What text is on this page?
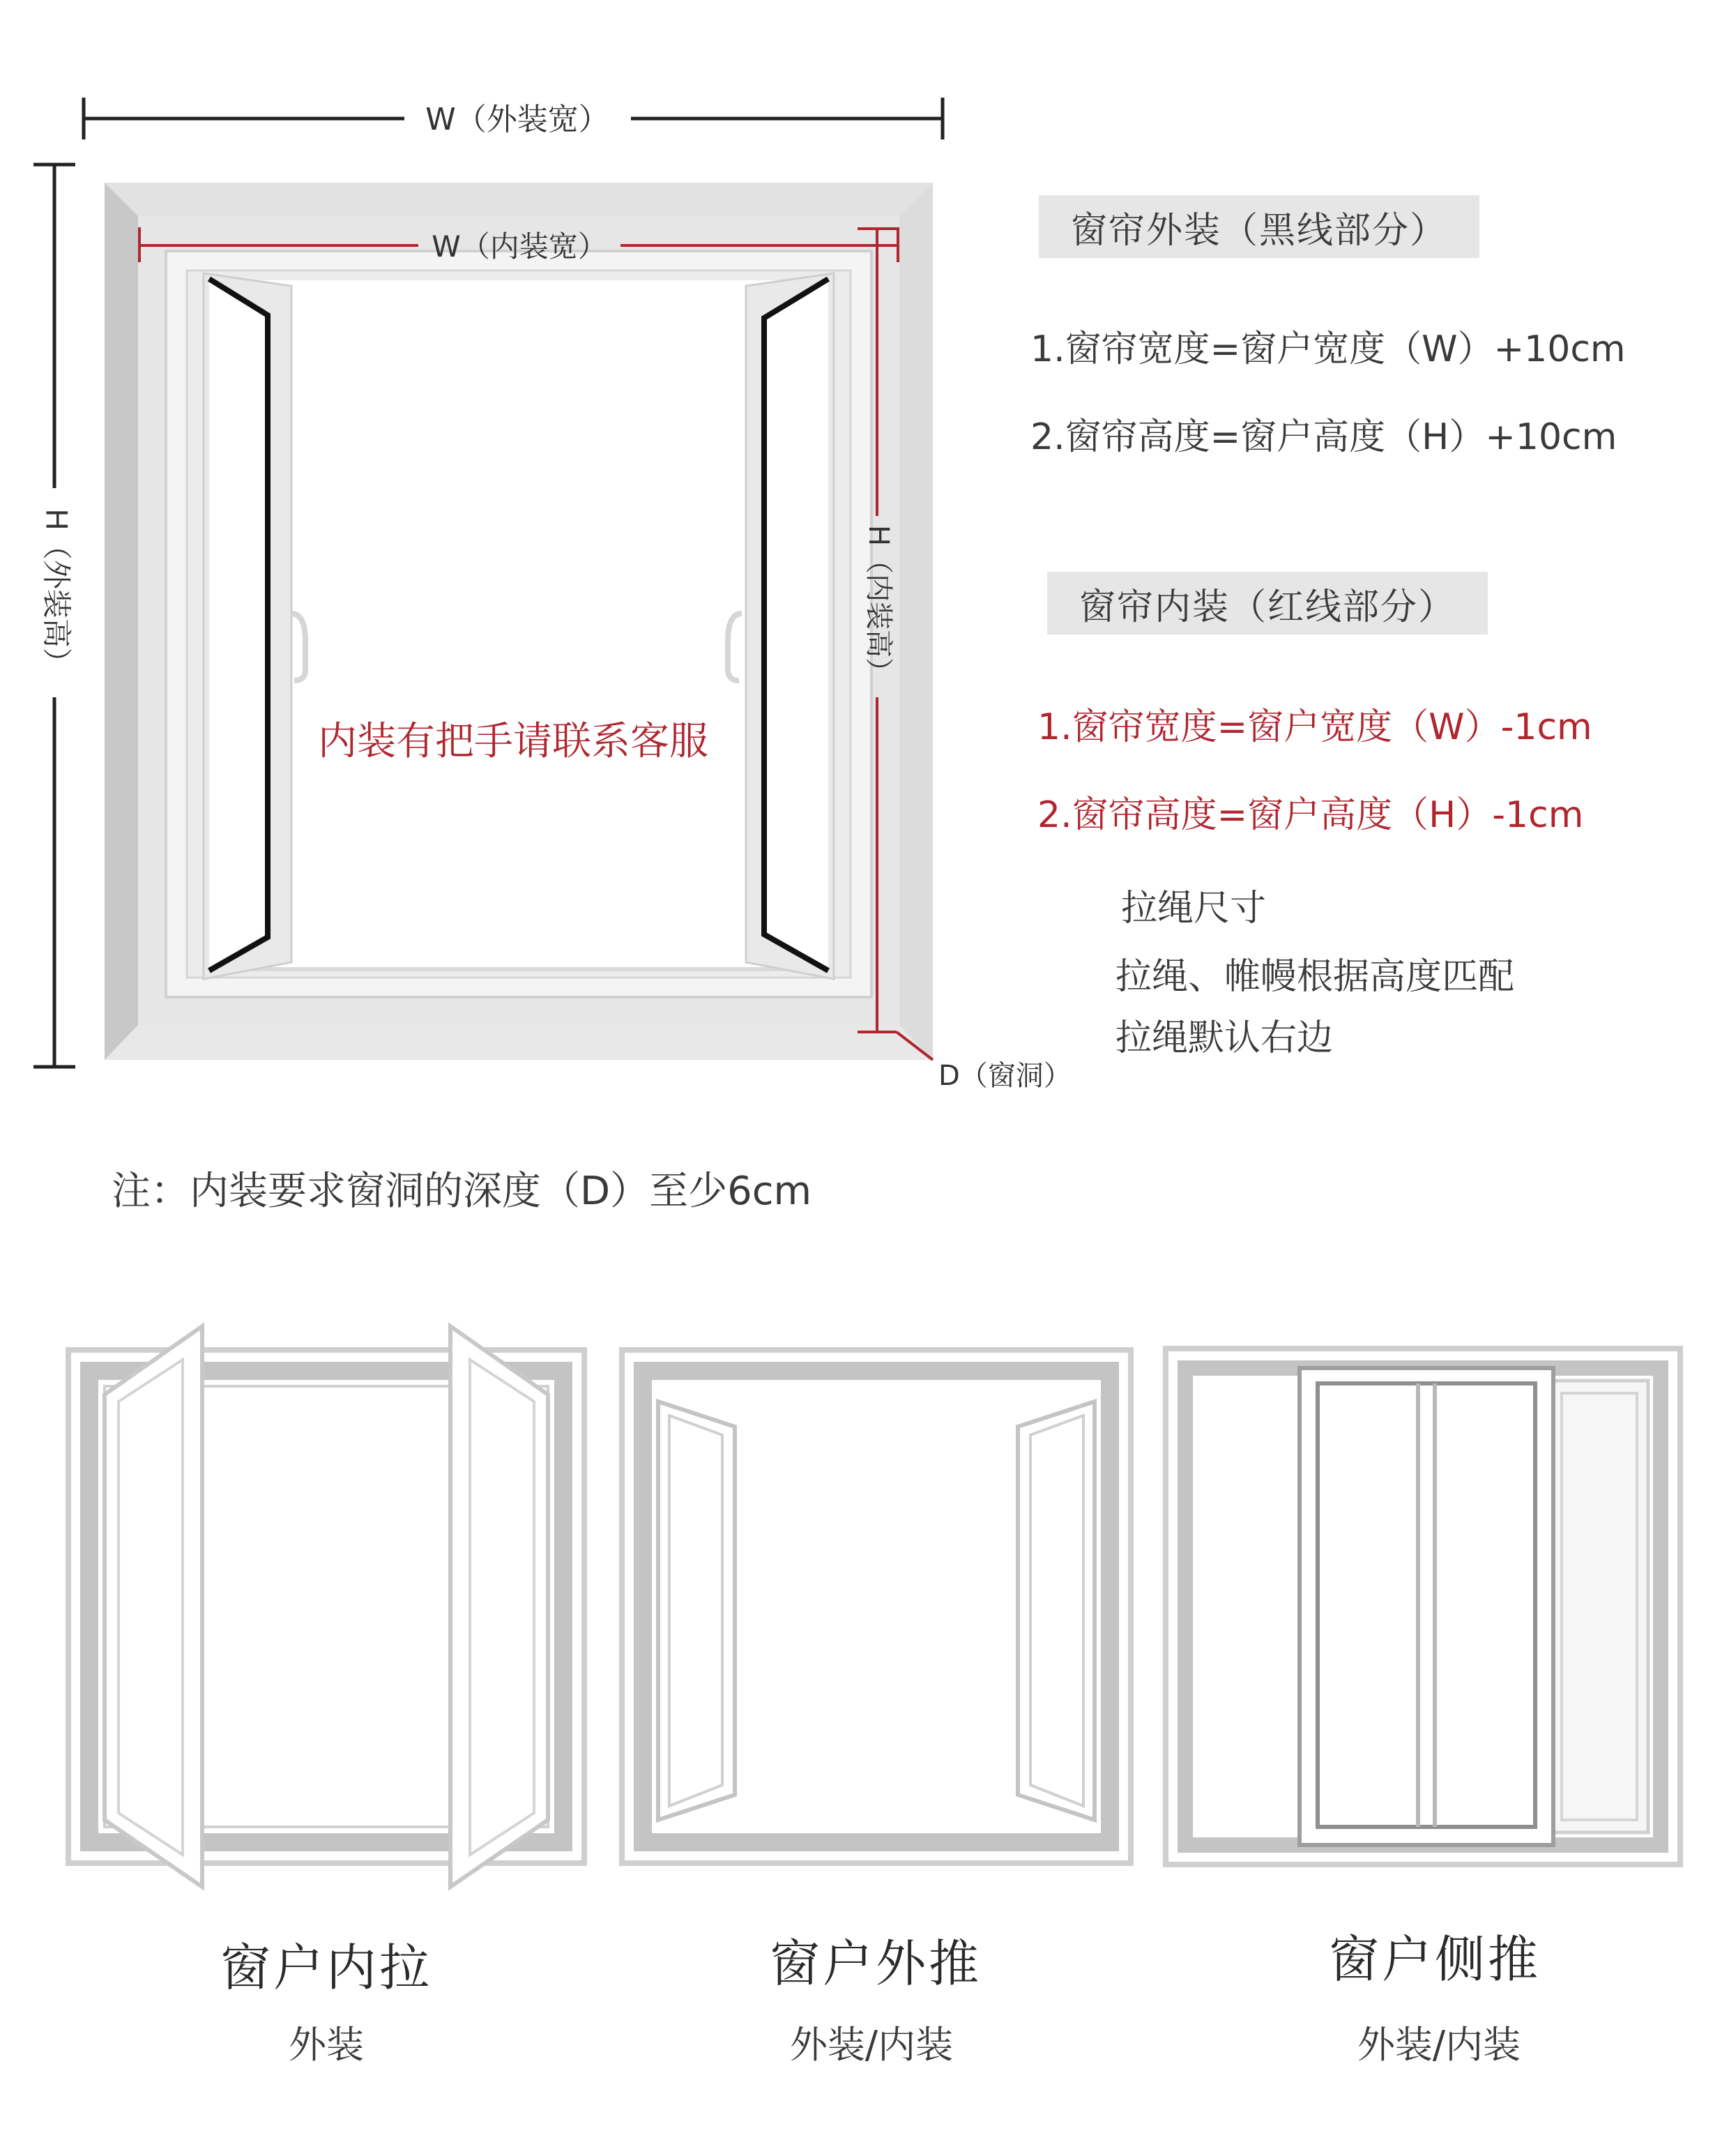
W（外装宽）
H（外装高）
W（内装宽）
H（内装高）
D（窗洞）
内装有把手请联系客服
窗帘外装（黑线部分）
1.窗帘宽度=窗户宽度（W）+10cm
2.窗帘高度=窗户高度（H）+10cm
窗帘内装（红线部分）
1.窗帘宽度=窗户宽度（W）-1cm
2.窗帘高度=窗户高度（H）-1cm
拉绳尺寸
拉绳、帷幔根据高度匹配
拉绳默认右边
注：内装要求窗洞的深度（D）至少6cm
窗户内拉
外装
窗户外推
外装/内装
窗户侧推
外装/内装
